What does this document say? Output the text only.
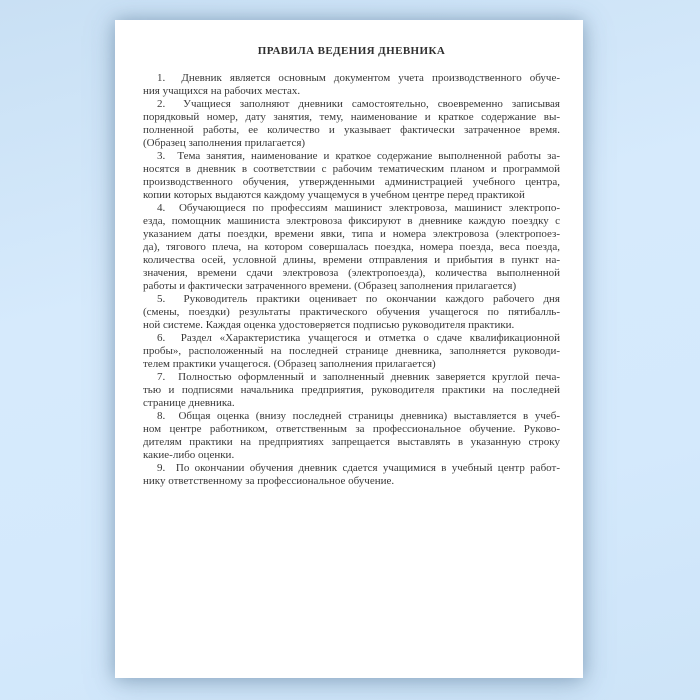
ПРАВИЛА ВЕДЕНИЯ ДНЕВНИКА
1.  Дневник является основным документом учета производственного обуче-
ния учащихся на рабочих местах.
2.  Учащиеся заполняют дневники самостоятельно, своевременно записывая
порядковый номер, дату занятия, тему, наименование и краткое содержание вы-
полненной работы, ее количество и указывает фактически затраченное время.
(Образец заполнения прилагается)
3.  Тема занятия, наименование и краткое содержание выполненной работы за-
носятся в дневник в соответствии с рабочим тематическим планом и программой
производственного обучения, утвержденными администрацией учебного центра,
копии которых выдаются каждому учащемуся в учебном центре перед практикой
4.  Обучающиеся по профессиям машинист электровоза, машинист электропо-
езда, помощник машиниста электровоза фиксируют в дневнике каждую поездку с
указанием даты поездки, времени явки, типа и номера электровоза (электропоез-
да), тягового плеча, на котором совершалась поездка, номера поезда, веса поезда,
количества осей, условной длины, времени отправления и прибытия в пункт на-
значения, времени сдачи электровоза (электропоезда), количества выполненной
работы и фактически затраченного времени. (Образец заполнения прилагается)
5.  Руководитель практики оценивает по окончании каждого рабочего дня
(смены, поездки) результаты практического обучения учащегося по пятибалль-
ной системе. Каждая оценка удостоверяется подписью руководителя практики.
6.  Раздел «Характеристика учащегося и отметка о сдаче квалификационной
пробы», расположенный на последней странице дневника, заполняется руководи-
телем практики учащегося. (Образец заполнения прилагается)
7.  Полностью оформленный и заполненный дневник заверяется круглой печа-
тью и подписями начальника предприятия, руководителя практики на последней
странице дневника.
8.  Общая оценка (внизу последней страницы дневника) выставляется в учеб-
ном центре работником, ответственным за профессиональное обучение. Руково-
дителям практики на предприятиях запрещается выставлять в указанную строку
какие-либо оценки.
9.  По окончании обучения дневник сдается учащимися в учебный центр работ-
нику ответственному за профессиональное обучение.
